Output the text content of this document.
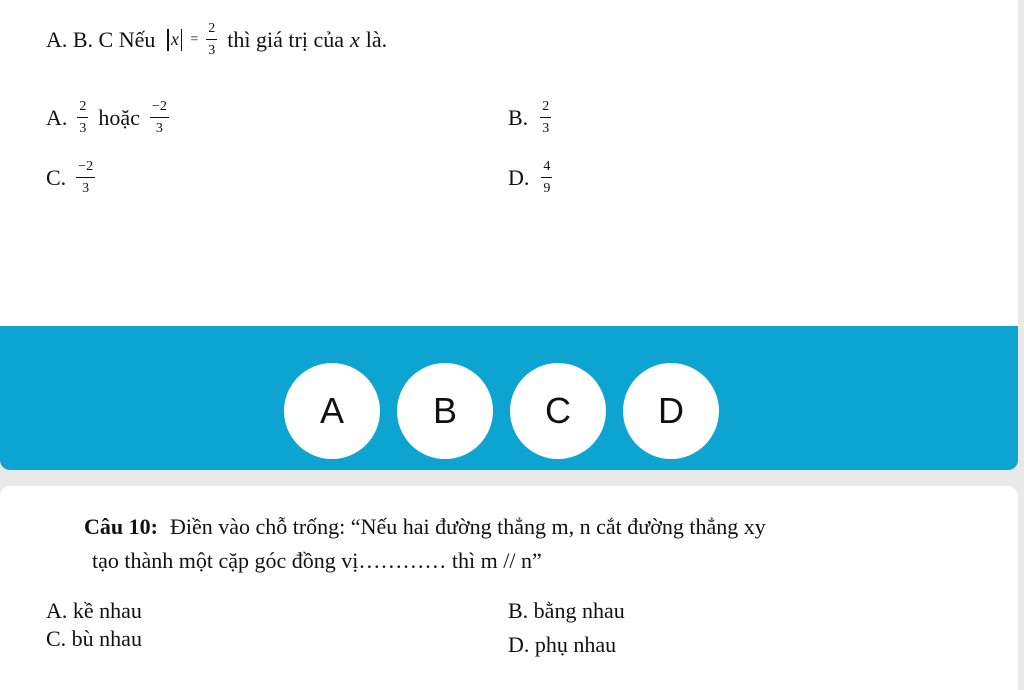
A. B. C Nếu $x = \frac{2}{3}$ thì giá trị của x là.
A. $\frac{2}{3}$ hoặc $\frac{-2}{3}$	B. $\frac{2}{3}$
C. $\frac{-2}{3}$	D. $\frac{4}{9}$
A	B	C	D
Câu 10: Điền vào chỗ trống: “Nếu hai đường thẳng m, n cắt đường thẳng xy
tạo thành một cặp góc đồng vị………… thì m // n”
A. kề nhau	B. bằng nhau
C. bù nhau	D. phụ nhau
